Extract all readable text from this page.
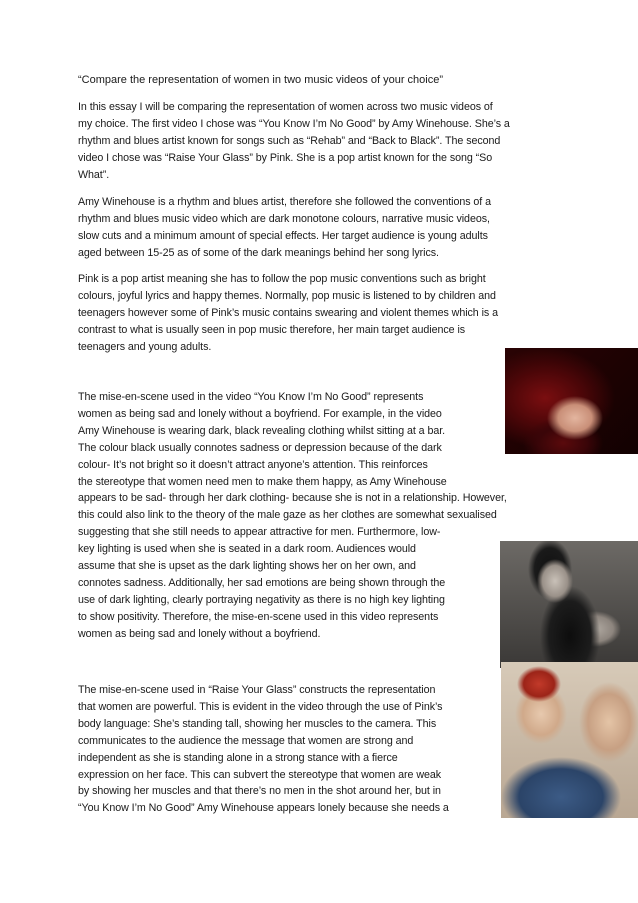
“Compare the representation of women in two music videos of your choice”

In this essay I will be comparing the representation of women across two music videos of
my choice. The first video I chose was “You Know I’m No Good” by Amy Winehouse. She’s a
rhythm and blues artist known for songs such as “Rehab” and “Back to Black”. The second
video I chose was “Raise Your Glass” by Pink. She is a pop artist known for the song “So
What”.

Amy Winehouse is a rhythm and blues artist, therefore she followed the conventions of a
rhythm and blues music video which are dark monotone colours, narrative music videos,
slow cuts and a minimum amount of special effects. Her target audience is young adults
aged between 15-25 as of some of the dark meanings behind her song lyrics.

Pink is a pop artist meaning she has to follow the pop music conventions such as bright
colours, joyful lyrics and happy themes. Normally, pop music is listened to by children and
teenagers however some of Pink’s music contains swearing and violent themes which is a
contrast to what is usually seen in pop music therefore, her main target audience is
teenagers and young adults.

The mise-en-scene used in the video “You Know I’m No Good” represents
women as being sad and lonely without a boyfriend. For example, in the video
Amy Winehouse is wearing dark, black revealing clothing whilst sitting at a bar.
The colour black usually connotes sadness or depression because of the dark
colour- It’s not bright so it doesn’t attract anyone’s attention. This reinforces
the stereotype that women need men to make them happy, as Amy Winehouse
appears to be sad- through her dark clothing- because she is not in a relationship. However,
this could also link to the theory of the male gaze as her clothes are somewhat sexualised
suggesting that she still needs to appear attractive for men. Furthermore, low-
key lighting is used when she is seated in a dark room. Audiences would
assume that she is upset as the dark lighting shows her on her own, and
connotes sadness. Additionally, her sad emotions are being shown through the
use of dark lighting, clearly portraying negativity as there is no high key lighting
to show positivity. Therefore, the mise-en-scene used in this video represents
women as being sad and lonely without a boyfriend.

The mise-en-scene used in “Raise Your Glass” constructs the representation
that women are powerful. This is evident in the video through the use of Pink’s
body language: She’s standing tall, showing her muscles to the camera. This
communicates to the audience the message that women are strong and
independent as she is standing alone in a strong stance with a fierce
expression on her face. This can subvert the stereotype that women are weak
by showing her muscles and that there’s no men in the shot around her, but in
“You Know I’m No Good” Amy Winehouse appears lonely because she needs a
